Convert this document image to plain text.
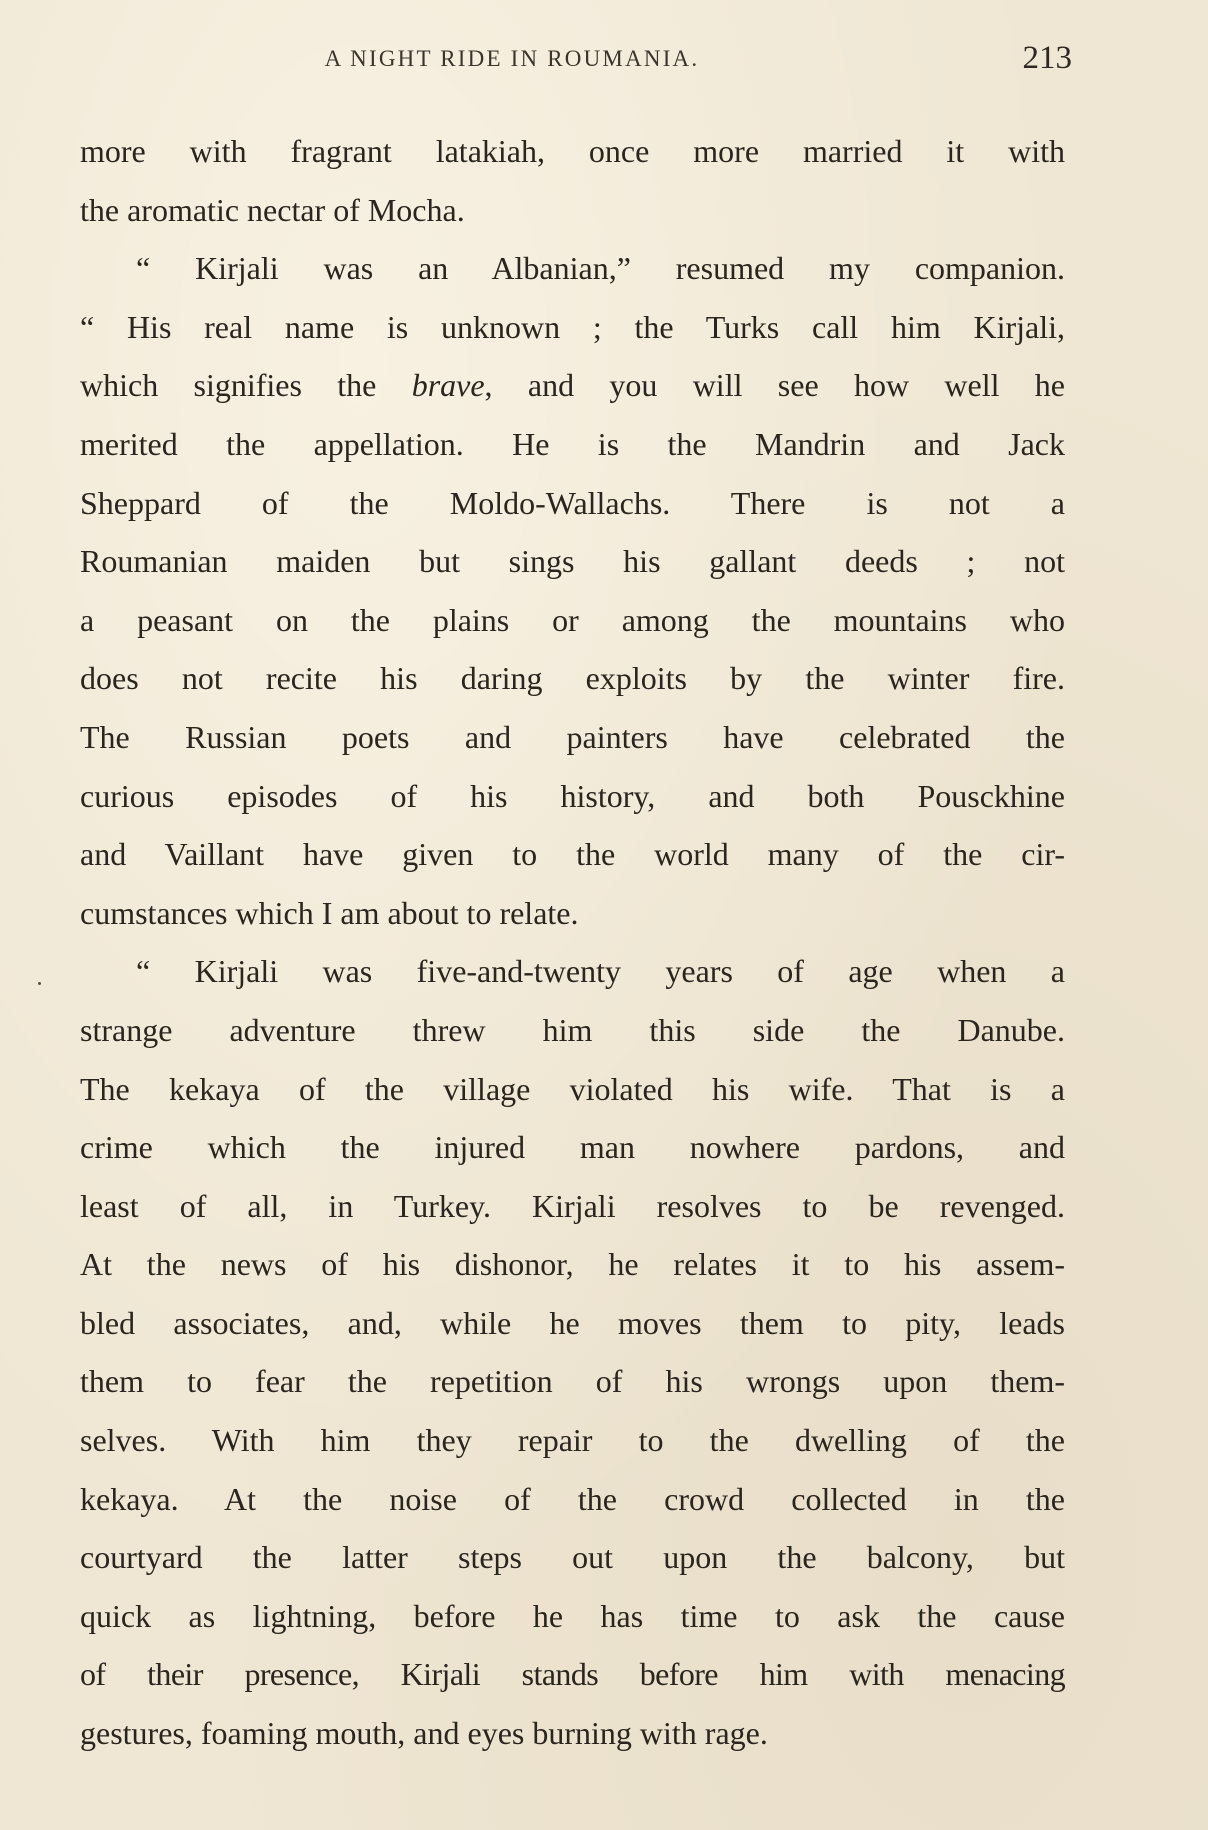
A NIGHT RIDE IN ROUMANIA.	213
more with fragrant latakiah, once more married it with
the aromatic nectar of Mocha.
“ Kirjali was an Albanian,” resumed my companion.
“ His real name is unknown ; the Turks call him Kirjali,
which signifies the brave, and you will see how well he
merited the appellation. He is the Mandrin and Jack
Sheppard of the Moldo-Wallachs. There is not a
Roumanian maiden but sings his gallant deeds ; not
a peasant on the plains or among the mountains who
does not recite his daring exploits by the winter fire.
The Russian poets and painters have celebrated the
curious episodes of his history, and both Pousckhine
and Vaillant have given to the world many of the cir-
cumstances which I am about to relate.
“ Kirjali was five-and-twenty years of age when a
strange adventure threw him this side the Danube.
The kekaya of the village violated his wife. That is a
crime which the injured man nowhere pardons, and
least of all, in Turkey. Kirjali resolves to be revenged.
At the news of his dishonor, he relates it to his assem-
bled associates, and, while he moves them to pity, leads
them to fear the repetition of his wrongs upon them-
selves. With him they repair to the dwelling of the
kekaya. At the noise of the crowd collected in the
courtyard the latter steps out upon the balcony, but
quick as lightning, before he has time to ask the cause
of their presence, Kirjali stands before him with menacing
gestures, foaming mouth, and eyes burning with rage.
